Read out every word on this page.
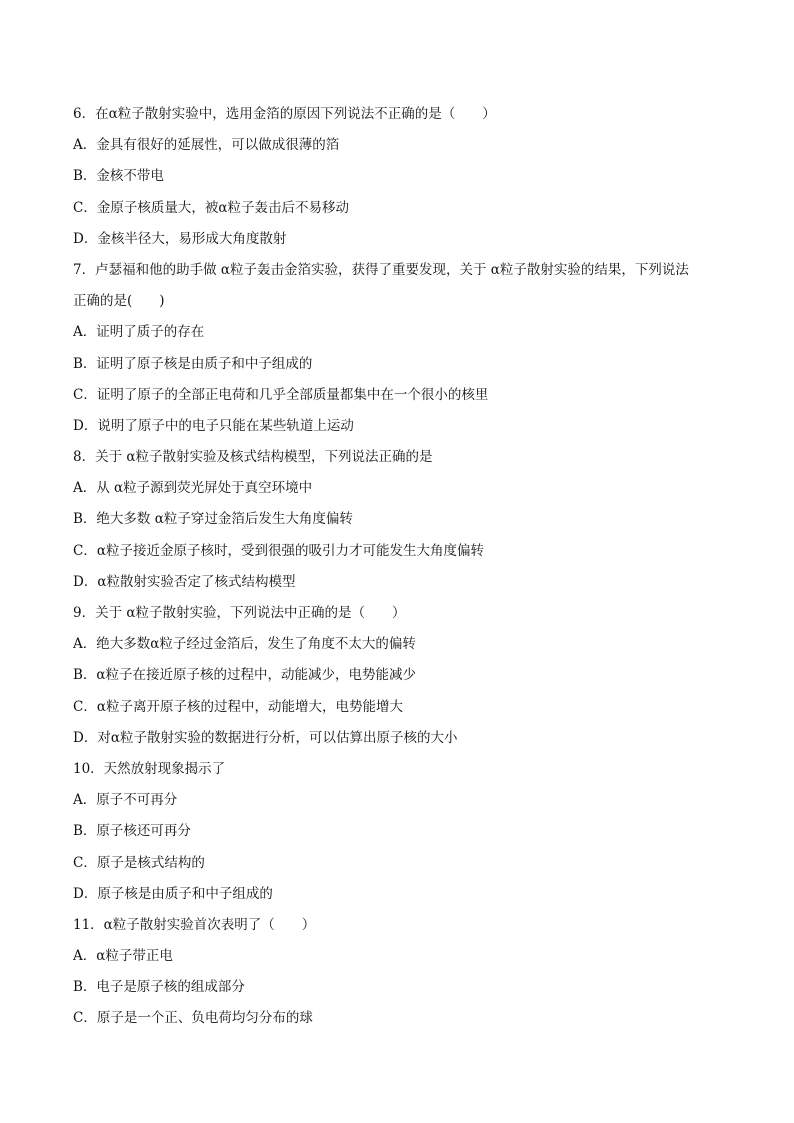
6．在α粒子散射实验中，选用金箔的原因下列说法不正确的是（　　）
A．金具有很好的延展性，可以做成很薄的箔
B．金核不带电
C．金原子核质量大，被α粒子轰击后不易移动
D．金核半径大，易形成大角度散射
7．卢瑟福和他的助手做 α粒子轰击金箔实验，获得了重要发现，关于 α粒子散射实验的结果，下列说法
正确的是(　　)
A．证明了质子的存在
B．证明了原子核是由质子和中子组成的
C．证明了原子的全部正电荷和几乎全部质量都集中在一个很小的核里
D．说明了原子中的电子只能在某些轨道上运动
8．关于 α粒子散射实验及核式结构模型，下列说法正确的是
A．从 α粒子源到荧光屏处于真空环境中
B．绝大多数 α粒子穿过金箔后发生大角度偏转
C．α粒子接近金原子核时，受到很强的吸引力才可能发生大角度偏转
D．α粒散射实验否定了核式结构模型
9．关于 α粒子散射实验，下列说法中正确的是（　　）
A．绝大多数α粒子经过金箔后，发生了角度不太大的偏转
B．α粒子在接近原子核的过程中，动能减少，电势能减少
C．α粒子离开原子核的过程中，动能增大，电势能增大
D．对α粒子散射实验的数据进行分析，可以估算出原子核的大小
10．天然放射现象揭示了
A．原子不可再分
B．原子核还可再分
C．原子是核式结构的
D．原子核是由质子和中子组成的
11．α粒子散射实验首次表明了（　　）
A．α粒子带正电
B．电子是原子核的组成部分
C．原子是一个正、负电荷均匀分布的球
